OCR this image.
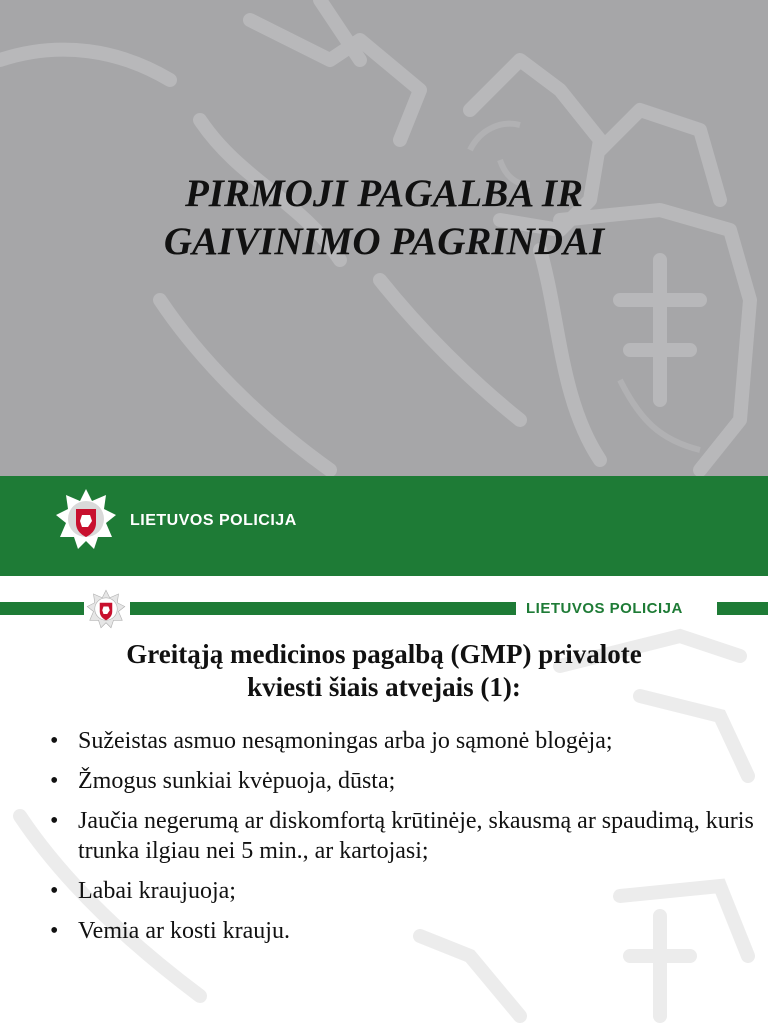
PIRMOJI PAGALBA IR
GAIVINIMO PAGRINDAI
LIETUVOS POLICIJA
LIETUVOS POLICIJA
Greitąją medicinos pagalbą (GMP) privalote
kviesti šiais atvejais (1):
• Sužeistas asmuo nesąmoningas arba jo sąmonė blogėja;
• Žmogus sunkiai kvėpuoja, dūsta;
• Jaučia negerumą ar diskomfortą krūtinėje, skausmą ar spaudimą, kuris trunka ilgiau nei 5 min., ar kartojasi;
• Labai kraujuoja;
• Vemia ar kosti krauju.
